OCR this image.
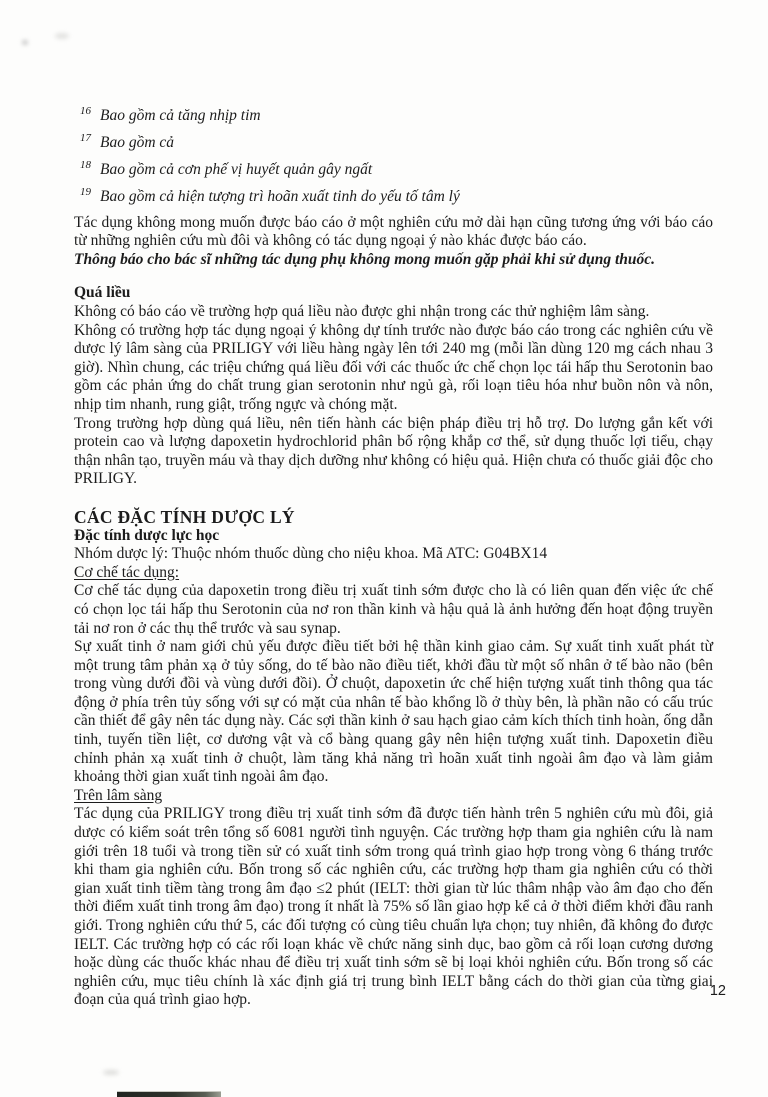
$^{16}$ Bao gồm cả tăng nhịp tim
$^{17}$ Bao gồm cả
$^{18}$ Bao gồm cả cơn phế vị huyết quản gây ngất
$^{19}$ Bao gồm cả hiện tượng trì hoãn xuất tinh do yếu tố tâm lý

Tác dụng không mong muốn được báo cáo ở một nghiên cứu mở dài hạn cũng tương ứng với báo cáo từ những nghiên cứu mù đôi và không có tác dụng ngoại ý nào khác được báo cáo.

Thông báo cho bác sĩ những tác dụng phụ không mong muốn gặp phải khi sử dụng thuốc.

Quá liều

Không có báo cáo về trường hợp quá liều nào được ghi nhận trong các thử nghiệm lâm sàng.

Không có trường hợp tác dụng ngoại ý không dự tính trước nào được báo cáo trong các nghiên cứu về dược lý lâm sàng của PRILIGY với liều hàng ngày lên tới 240 mg (mỗi lần dùng 120 mg cách nhau 3 giờ). Nhìn chung, các triệu chứng quá liều đối với các thuốc ức chế chọn lọc tái hấp thu Serotonin bao gồm các phản ứng do chất trung gian serotonin như ngủ gà, rối loạn tiêu hóa như buồn nôn và nôn, nhịp tim nhanh, rung giật, trống ngực và chóng mặt.

Trong trường hợp dùng quá liều, nên tiến hành các biện pháp điều trị hỗ trợ. Do lượng gắn kết với protein cao và lượng dapoxetin hydrochlorid phân bố rộng khắp cơ thể, sử dụng thuốc lợi tiểu, chạy thận nhân tạo, truyền máu và thay dịch dưỡng như không có hiệu quả. Hiện chưa có thuốc giải độc cho PRILIGY.

CÁC ĐẶC TÍNH DƯỢC LÝ

Đặc tính dược lực học

Nhóm dược lý: Thuộc nhóm thuốc dùng cho niệu khoa. Mã ATC: G04BX14

Cơ chế tác dụng:

Cơ chế tác dụng của dapoxetin trong điều trị xuất tinh sớm được cho là có liên quan đến việc ức chế có chọn lọc tái hấp thu Serotonin của nơ ron thần kinh và hậu quả là ảnh hưởng đến hoạt động truyền tải nơ ron ở các thụ thể trước và sau synap.

Sự xuất tinh ở nam giới chủ yếu được điều tiết bởi hệ thần kinh giao cảm. Sự xuất tinh xuất phát từ một trung tâm phản xạ ở tủy sống, do tế bào não điều tiết, khởi đầu từ một số nhân ở tế bào não (bên trong vùng dưới đồi và vùng dưới đồi). Ở chuột, dapoxetin ức chế hiện tượng xuất tinh thông qua tác động ở phía trên tủy sống với sự có mặt của nhân tế bào khổng lồ ở thùy bên, là phần não có cấu trúc cần thiết để gây nên tác dụng này. Các sợi thần kinh ở sau hạch giao cảm kích thích tinh hoàn, ống dẫn tinh, tuyến tiền liệt, cơ dương vật và cổ bàng quang gây nên hiện tượng xuất tinh. Dapoxetin điều chỉnh phản xạ xuất tinh ở chuột, làm tăng khả năng trì hoãn xuất tinh ngoài âm đạo và làm giảm khoảng thời gian xuất tinh ngoài âm đạo.

Trên lâm sàng

Tác dụng của PRILIGY trong điều trị xuất tinh sớm đã được tiến hành trên 5 nghiên cứu mù đôi, giả dược có kiểm soát trên tổng số 6081 người tình nguyện. Các trường hợp tham gia nghiên cứu là nam giới trên 18 tuổi và trong tiền sử có xuất tinh sớm trong quá trình giao hợp trong vòng 6 tháng trước khi tham gia nghiên cứu. Bốn trong số các nghiên cứu, các trường hợp tham gia nghiên cứu có thời gian xuất tinh tiềm tàng trong âm đạo ≤2 phút (IELT: thời gian từ lúc thâm nhập vào âm đạo cho đến thời điểm xuất tinh trong âm đạo) trong ít nhất là 75% số lần giao hợp kể cả ở thời điểm khởi đầu ranh giới. Trong nghiên cứu thứ 5, các đối tượng có cùng tiêu chuẩn lựa chọn; tuy nhiên, đã không đo được IELT. Các trường hợp có các rối loạn khác về chức năng sinh dục, bao gồm cả rối loạn cương dương hoặc dùng các thuốc khác nhau để điều trị xuất tinh sớm sẽ bị loại khỏi nghiên cứu. Bốn trong số các nghiên cứu, mục tiêu chính là xác định giá trị trung bình IELT bằng cách do thời gian của từng giai đoạn của quá trình giao hợp.

12
